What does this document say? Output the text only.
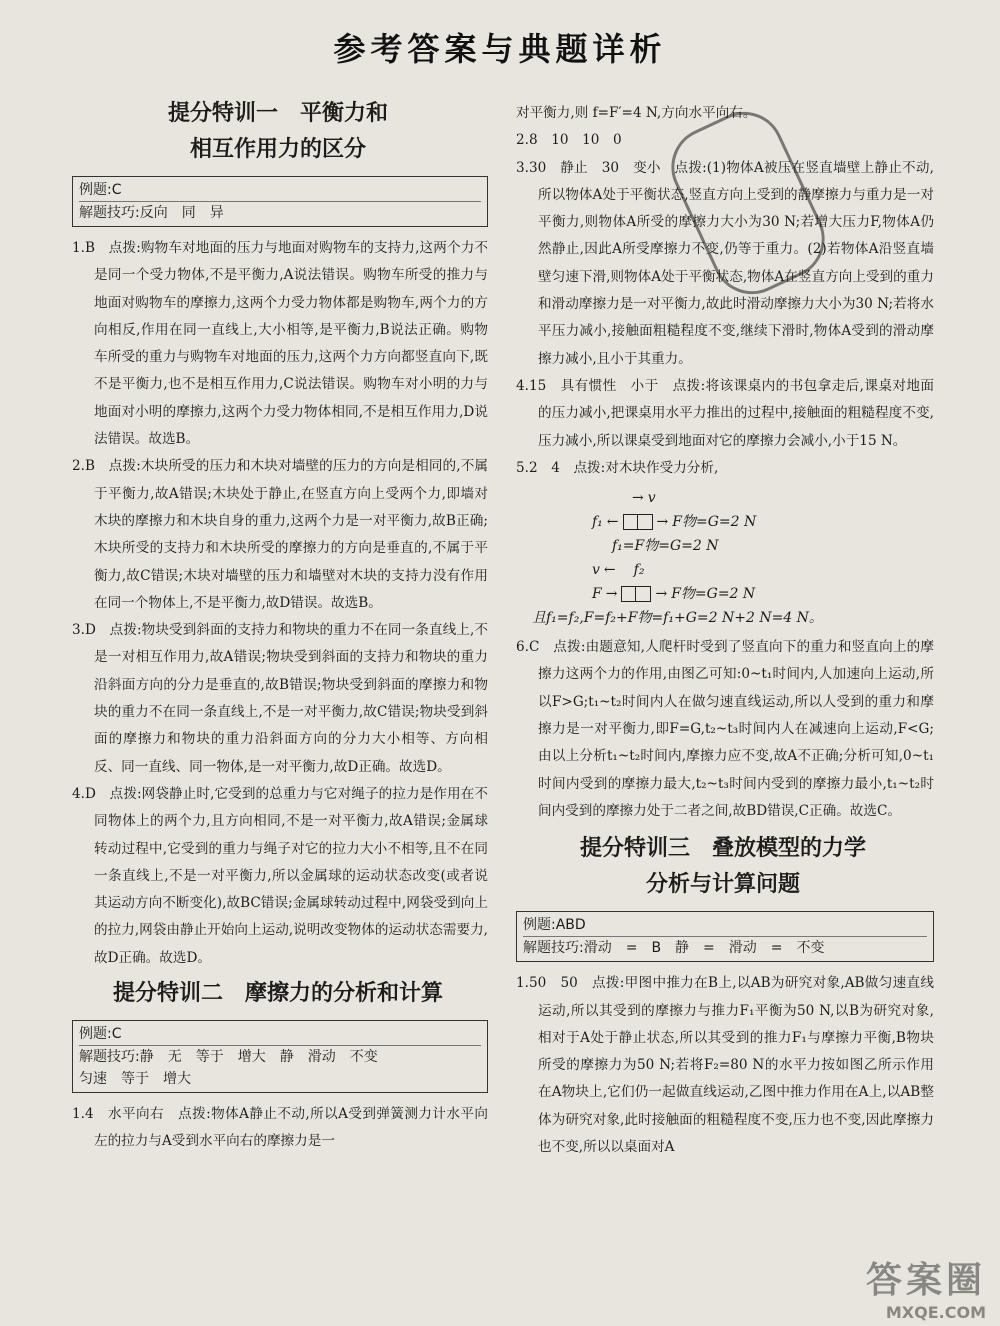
参考答案与典题详析
提分特训一　平衡力和
相互作用力的区分
例题:C
解题技巧:反向　同　异

1.B　点拨:购物车对地面的压力与地面对购物车的支持力,这两个力不是同一个受力物体,不是平衡力,A说法错误。购物车所受的推力与地面对购物车的摩擦力,这两个力受力物体都是购物车,两个力的方向相反,作用在同一直线上,大小相等,是平衡力,B说法正确。购物车所受的重力与购物车对地面的压力,这两个力方向都竖直向下,既不是平衡力,也不是相互作用力,C说法错误。购物车对小明的力与地面对小明的摩擦力,这两个力受力物体相同,不是相互作用力,D说法错误。故选B。

2.B　点拨:木块所受的压力和木块对墙壁的压力的方向是相同的,不属于平衡力,故A错误;木块处于静止,在竖直方向上受两个力,即墙对木块的摩擦力和木块自身的重力,这两个力是一对平衡力,故B正确;木块所受的支持力和木块所受的摩擦力的方向是垂直的,不属于平衡力,故C错误;木块对墙壁的压力和墙壁对木块的支持力没有作用在同一个物体上,不是平衡力,故D错误。故选B。

3.D　点拨:物块受到斜面的支持力和物块的重力不在同一条直线上,不是一对相互作用力,故A错误;物块受到斜面的支持力和物块的重力沿斜面方向的分力是垂直的,故B错误;物块受到斜面的摩擦力和物块的重力不在同一条直线上,不是一对平衡力,故C错误;物块受到斜面的摩擦力和物块的重力沿斜面方向的分力大小相等、方向相反、同一直线、同一物体,是一对平衡力,故D正确。故选D。

4.D　点拨:网袋静止时,它受到的总重力与它对绳子的拉力是作用在不同物体上的两个力,且方向相同,不是一对平衡力,故A错误;金属球转动过程中,它受到的重力与绳子对它的拉力大小不相等,且不在同一条直线上,不是一对平衡力,所以金属球的运动状态改变(或者说其运动方向不断变化),故BC错误;金属球转动过程中,网袋受到向上的拉力,网袋由静止开始向上运动,说明改变物体的运动状态需要力,故D正确。故选D。

提分特训二　摩擦力的分析和计算
例题:C
解题技巧:静　无　等于　增大　静　滑动　不变
匀速　等于　增大

1.4　水平向右　点拨:物体A静止不动,所以A受到弹簧测力计水平向左的拉力与A受到水平向右的摩擦力是一

对平衡力,则 f=F′=4 N,方向水平向右。

2.8　10　10　0

3.30　静止　30　变小　点拨:(1)物体A被压在竖直墙壁上静止不动,所以物体A处于平衡状态,竖直方向上受到的静摩擦力与重力是一对平衡力,则物体A所受的摩擦力大小为30 N;若增大压力F,物体A仍然静止,因此A所受摩擦力不变,仍等于重力。(2)若物体A沿竖直墙壁匀速下滑,则物体A处于平衡状态,物体A在竖直方向上受到的重力和滑动摩擦力是一对平衡力,故此时滑动摩擦力大小为30 N;若将水平压力减小,接触面粗糙程度不变,继续下滑时,物体A受到的滑动摩擦力减小,且小于其重力。

4.15　具有惯性　小于　点拨:将该课桌内的书包拿走后,课桌对地面的压力减小,把课桌用水平力推出的过程中,接触面的粗糙程度不变,压力减小,所以课桌受到地面对它的摩擦力会减小,小于15 N。

5.2　4　点拨:对木块作受力分析,

→ v
f₁ ←	→ F物=G=2 N
f₁=F物=G=2 N
v ←　 f₂
F →	→ F物=G=2 N
且f₁=f₂,F=f₂+F物=f₁+G=2 N+2 N=4 N。

6.C　点拨:由题意知,人爬杆时受到了竖直向下的重力和竖直向上的摩擦力这两个力的作用,由图乙可知:0~t₁时间内,人加速向上运动,所以F>G;t₁~t₂时间内人在做匀速直线运动,所以人受到的重力和摩擦力是一对平衡力,即F=G,t₂~t₃时间内人在减速向上运动,F<G;由以上分析t₁~t₂时间内,摩擦力应不变,故A不正确;分析可知,0~t₁时间内受到的摩擦力最大,t₂~t₃时间内受到的摩擦力最小,t₁~t₂时间内受到的摩擦力处于二者之间,故BD错误,C正确。故选C。

提分特训三　叠放模型的力学
分析与计算问题
例题:ABD
解题技巧:滑动　=　B　静　=　滑动　=　不变

1.50　50　点拨:甲图中推力在B上,以AB为研究对象,AB做匀速直线运动,所以其受到的摩擦力与推力F₁平衡为50 N,以B为研究对象,相对于A处于静止状态,所以其受到的推力F₁与摩擦力平衡,B物块所受的摩擦力为50 N;若将F₂=80 N的水平力按如图乙所示作用在A物块上,它们仍一起做直线运动,乙图中推力作用在A上,以AB整体为研究对象,此时接触面的粗糙程度不变,压力也不变,因此摩擦力也不变,所以以桌面对A

答案圈
MXQE.COM
